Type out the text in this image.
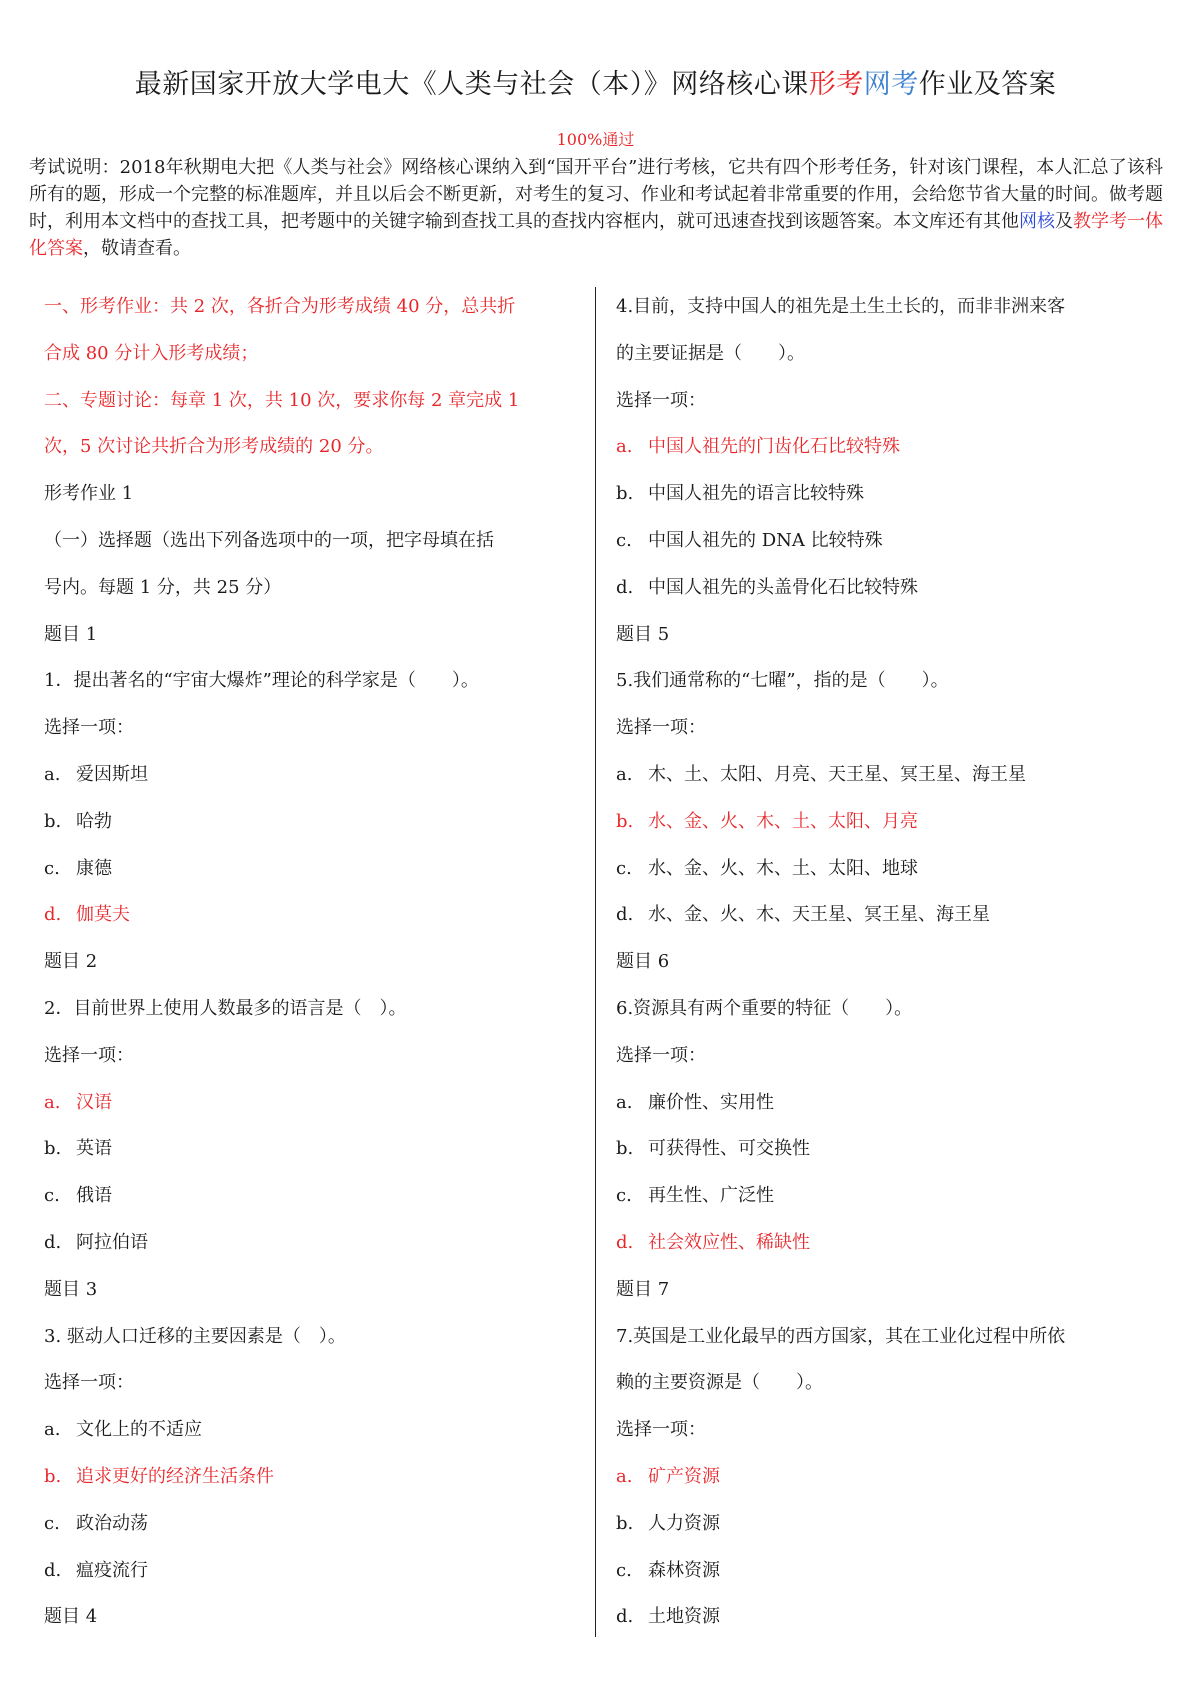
最新国家开放大学电大《人类与社会（本）》网络核心课形考网考作业及答案
100%通过
考试说明：2018年秋期电大把《人类与社会》网络核心课纳入到“国开平台”进行考核，它共有四个形考任务，针对该门课程，本人汇总了该科所有的题，形成一个完整的标准题库，并且以后会不断更新，对考生的复习、作业和考试起着非常重要的作用，会给您节省大量的时间。做考题时，利用本文档中的查找工具，把考题中的关键字输到查找工具的查找内容框内，就可迅速查找到该题答案。本文库还有其他网核及教学考一体化答案，敬请查看。
一、形考作业：共 2 次，各折合为形考成绩 40 分，总共折
合成 80 分计入形考成绩；
二、专题讨论：每章 1 次，共 10 次，要求你每 2 章完成 1
次，5 次讨论共折合为形考成绩的 20 分。
形考作业 1
（一）选择题（选出下列备选项中的一项，把字母填在括
号内。每题 1 分，共 25 分）
题目 1
1．提出著名的“宇宙大爆炸”理论的科学家是（　　）。
选择一项：
a. 爱因斯坦
b. 哈勃
c. 康德
d. 伽莫夫
题目 2
2．目前世界上使用人数最多的语言是（　）。
选择一项：
a. 汉语
b. 英语
c. 俄语
d. 阿拉伯语
题目 3
3. 驱动人口迁移的主要因素是（　）。
选择一项：
a. 文化上的不适应
b. 追求更好的经济生活条件
c. 政治动荡
d. 瘟疫流行
题目 4
4.目前，支持中国人的祖先是土生土长的，而非非洲来客
的主要证据是（　　）。
选择一项：
a. 中国人祖先的门齿化石比较特殊
b. 中国人祖先的语言比较特殊
c. 中国人祖先的 DNA 比较特殊
d. 中国人祖先的头盖骨化石比较特殊
题目 5
5.我们通常称的“七曜”，指的是（　　）。
选择一项：
a. 木、土、太阳、月亮、天王星、冥王星、海王星
b. 水、金、火、木、土、太阳、月亮
c. 水、金、火、木、土、太阳、地球
d. 水、金、火、木、天王星、冥王星、海王星
题目 6
6.资源具有两个重要的特征（　　）。
选择一项：
a. 廉价性、实用性
b. 可获得性、可交换性
c. 再生性、广泛性
d. 社会效应性、稀缺性
题目 7
7.英国是工业化最早的西方国家，其在工业化过程中所依
赖的主要资源是（　　）。
选择一项：
a. 矿产资源
b. 人力资源
c. 森林资源
d. 土地资源
